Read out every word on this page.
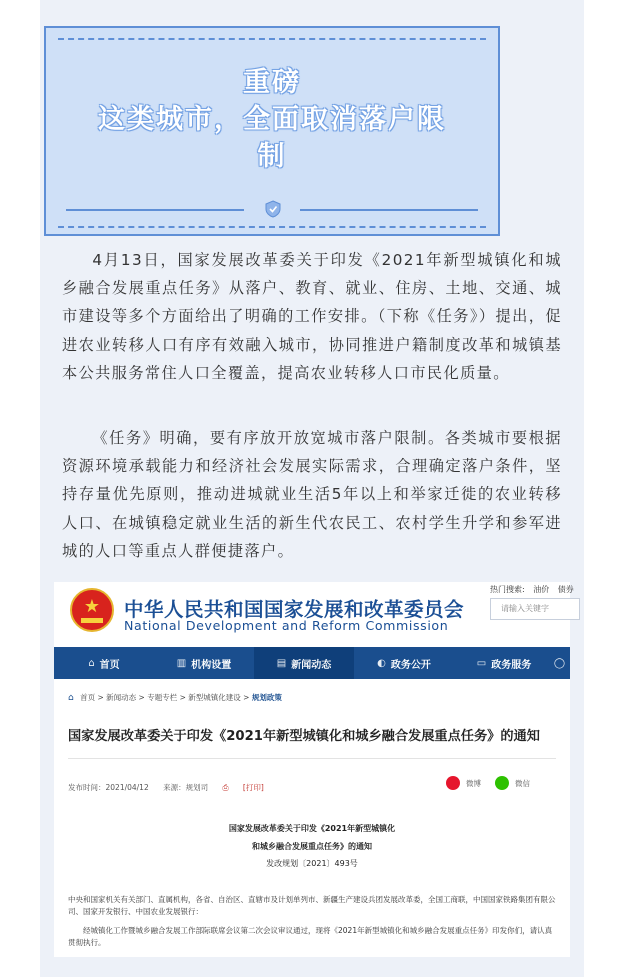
重磅
这类城市，全面取消落户限
制

4月13日，国家发展改革委关于印发《2021年新型城镇化和城乡融合发展重点任务》从落户、教育、就业、住房、土地、交通、城市建设等多个方面给出了明确的工作安排。（下称《任务》）提出，促进农业转移人口有序有效融入城市，协同推进户籍制度改革和城镇基本公共服务常住人口全覆盖，提高农业转移人口市民化质量。

《任务》明确，要有序放开放宽城市落户限制。各类城市要根据资源环境承载能力和经济社会发展实际需求，合理确定落户条件，坚持存量优先原则，推动进城就业生活5年以上和举家迁徙的农业转移人口、在城镇稳定就业生活的新生代农民工、农村学生升学和参军进城的人口等重点人群便捷落户。

★	中华人民共和国国家发展和改革委员会
National Development and Reform Commission
热门搜索: 油价 债券
请输入关键字
⌂ 首页	▥ 机构设置	▤ 新闻动态	◐ 政务公开	▭ 政务服务 ◯
⌂ 首页 > 新闻动态 > 专题专栏 > 新型城镇化建设 > 规划政策
国家发展改革委关于印发《2021年新型城镇化和城乡融合发展重点任务》的通知
发布时间：2021/04/12 来源：规划司 ⎙ [打印]	微博	微信
国家发展改革委关于印发《2021年新型城镇化
和城乡融合发展重点任务》的通知
发改规划〔2021〕493号
中央和国家机关有关部门、直属机构，各省、自治区、直辖市及计划单列市、新疆生产建设兵团发展改革委，全国工商联，中国国家铁路集团有限公司、国家开发银行、中国农业发展银行：
经城镇化工作暨城乡融合发展工作部际联席会议第二次会议审议通过，现将《2021年新型城镇化和城乡融合发展重点任务》印发你们，请认真贯彻执行。
